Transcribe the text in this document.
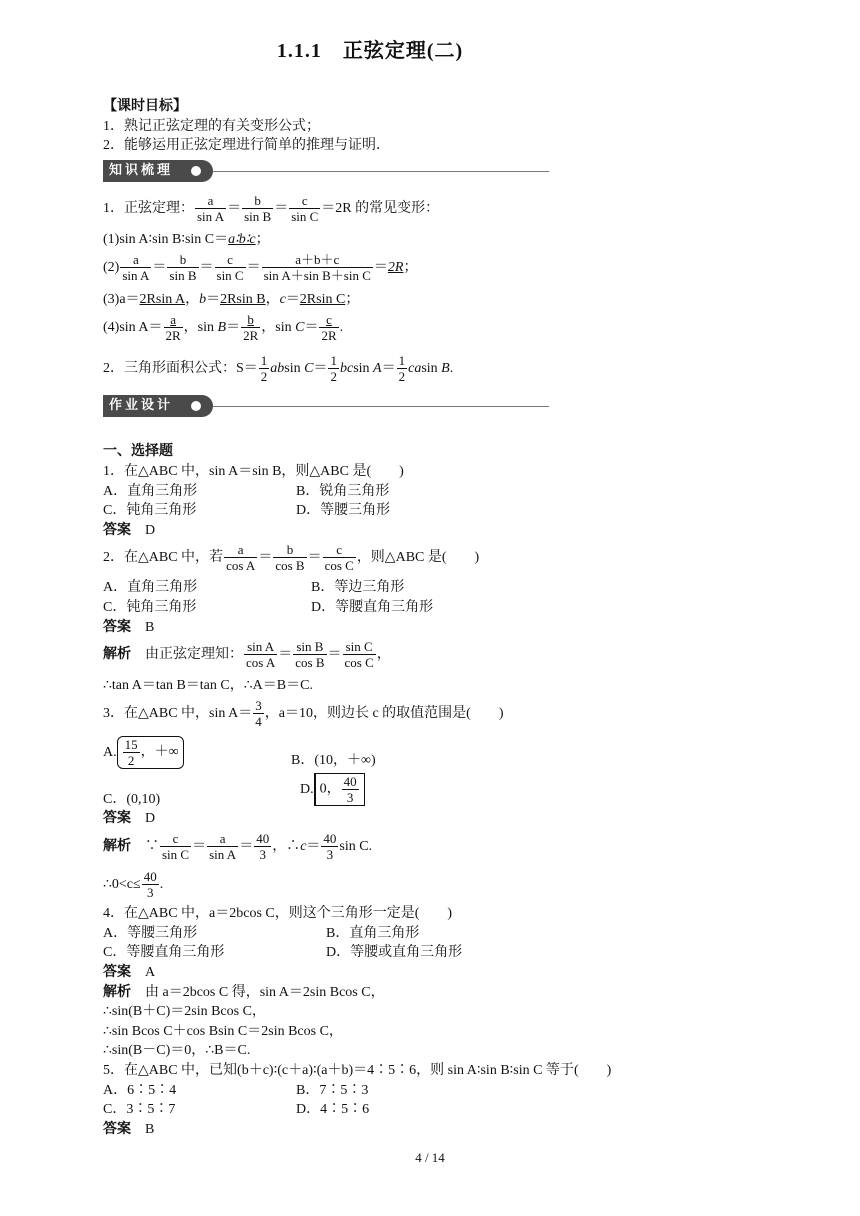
1.1.1　正弦定理(二)
【课时目标】
1．熟记正弦定理的有关变形公式；
2．能够运用正弦定理进行简单的推理与证明．
知识梳理
1．正弦定理： $\frac{a}{\text{sin A}} = \frac{b}{\text{sin B}} = \frac{c}{\text{sin C}} =2R$ 的常见变形：
(1)sin A∶sin B∶sin C＝a∶b∶c；
$(2) \frac{a}{\text{sin A}} = \frac{b}{\text{sin B}} = \frac{c}{\text{sin C}} = \frac{a+b+c}{\text{sin A＋sin B＋sin C}} =2R$；
(3)a＝2Rsin A，b＝2Rsin B，c＝2Rsin C；
(4)sin $A= \frac{a}{2R}$ ，$\sin B= \frac{b}{2R}$ ，$\sin C= \frac{c}{2R}$ .
2．三角形面积公式：$S= \frac{1}{2}$ absin $C= \frac{1}{2}$ bcsin $A= \frac{1}{2}$ casin B.
作业设计
一、选择题
1．在△ABC 中，sin A＝sin B，则△ABC 是(　　)
A．直角三角形	B．锐角三角形
C．钝角三角形	D．等腰三角形
答案　 D
2．在△ABC 中，若 $\frac{a}{\text{cos A}} = \frac{b}{\text{cos B}} = \frac{c}{\text{cos C}}$ ，则△ABC 是(　　)
A．直角三角形	B．等边三角形
C．钝角三角形	D．等腰直角三角形
答案　 B
解析　 由正弦定理知： $\frac{\text{sin A}}{\text{cos A}} = \frac{\text{sin B}}{\text{cos B}} = \frac{\text{sin C}}{\text{cos C}}$ ，
∴tan A＝tan B＝tan C，∴A＝B＝C.
3．在△ABC 中，$\sin A= \frac{3}{4}$ ，a＝10，则边长 c 的取值范围是(　　)
A. $\frac{15}{2}$ ，＋∞
B．(10，＋∞)
C．(0,10)
D. 0， $\frac{40}{3}$
答案　 D
解析　∵ $\frac{c}{\text{sin C}} = \frac{a}{\text{sin A}} = \frac{40}{3}$ ，∴c＝ $\frac{40}{3}$ sin C.
∴0<c≤ $\frac{40}{3}$ .
4．在△ABC 中，a＝2bcos C，则这个三角形一定是(　　)
A．等腰三角形	B．直角三角形
C．等腰直角三角形	D．等腰或直角三角形
答案　 A
解析　 由 a＝2bcos C 得，sin A＝2sin Bcos C，
∴sin(B＋C)＝2sin Bcos C，
∴sin Bcos C＋cos Bsin C＝2sin Bcos C，
∴sin(B－C)＝0，∴B＝C.
5．在△ABC 中，已知(b＋c)∶(c＋a)∶(a＋b)＝4∶5∶6，则 sin A∶sin B∶sin C 等于(　　)
A．6∶5∶4	B．7∶5∶3
C．3∶5∶7	D．4∶5∶6
答案　 B
4 / 14
